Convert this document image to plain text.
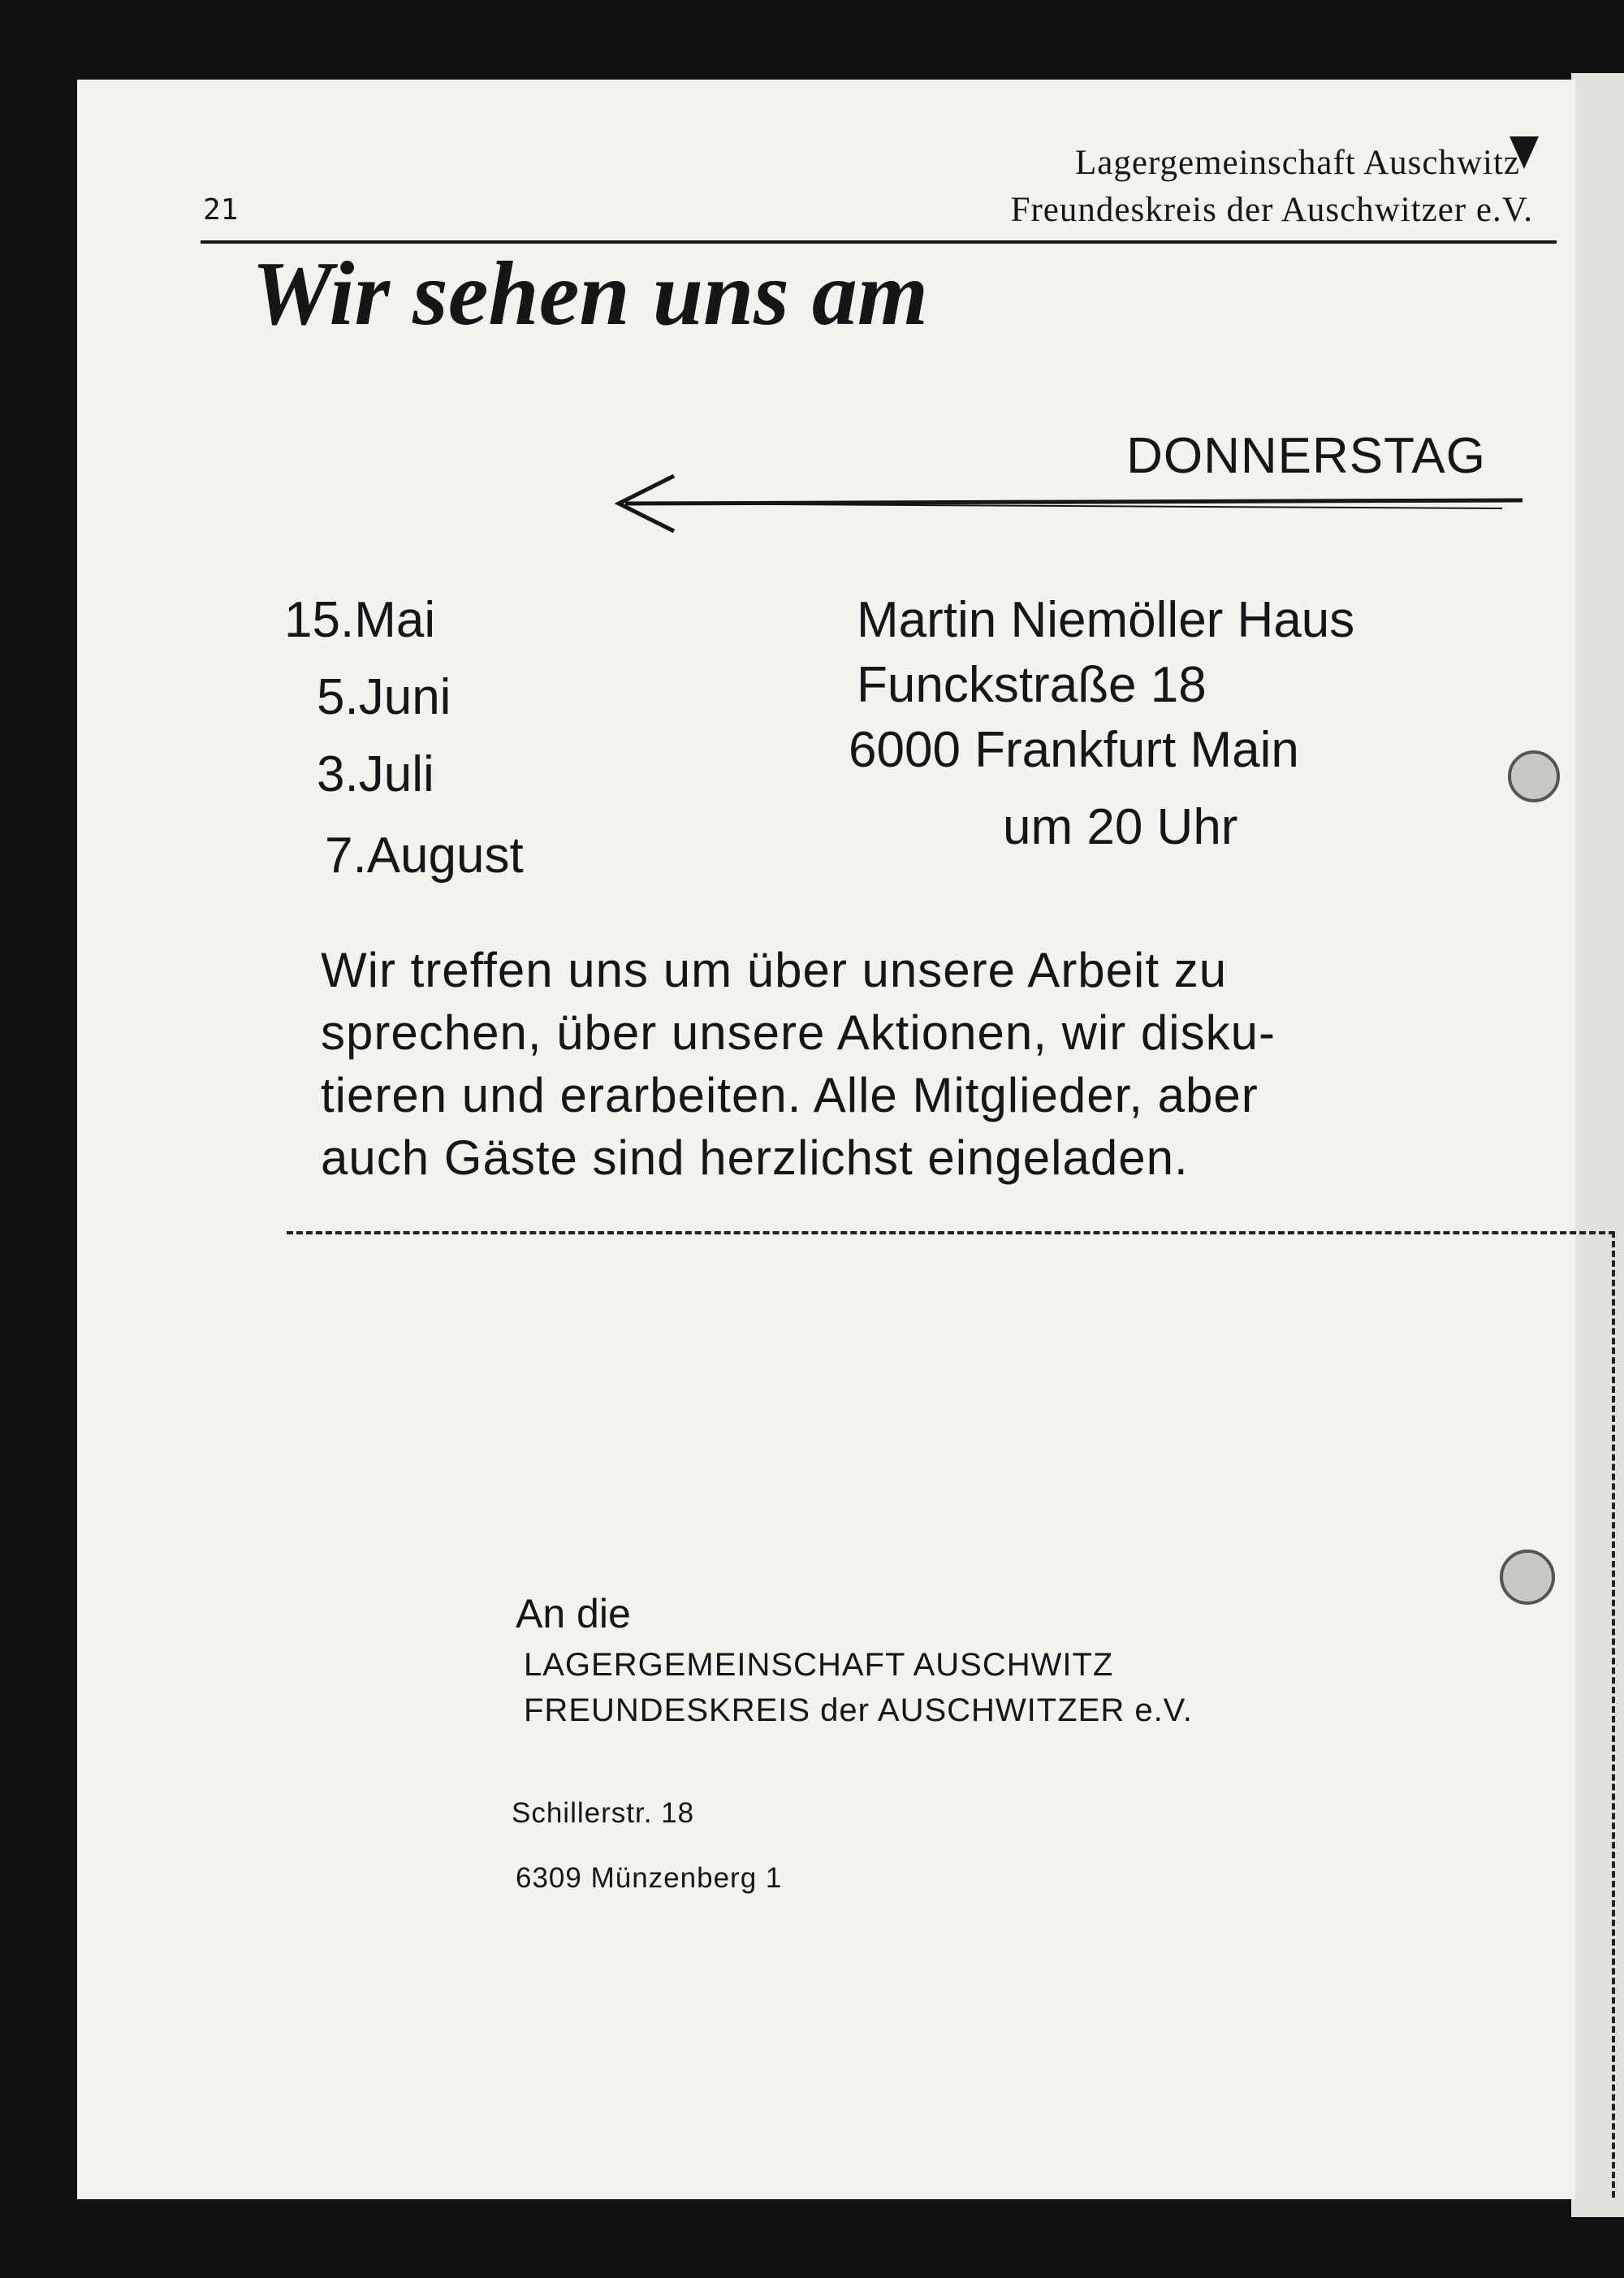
21
Lagergemeinschaft Auschwitz
Freundeskreis der Auschwitzer e.V.
Wir sehen uns am
DONNERSTAG
15.Mai
5.Juni
3.Juli
7.August
Martin Niemöller Haus
Funckstraße 18
6000 Frankfurt Main
um 20 Uhr
Wir treffen uns um über unsere Arbeit zu
sprechen, über unsere Aktionen, wir disku-
tieren und erarbeiten. Alle Mitglieder, aber
auch Gäste sind herzlichst eingeladen.
An die
LAGERGEMEINSCHAFT AUSCHWITZ
FREUNDESKREIS der AUSCHWITZER e.V.
Schillerstr. 18
6309 Münzenberg 1
